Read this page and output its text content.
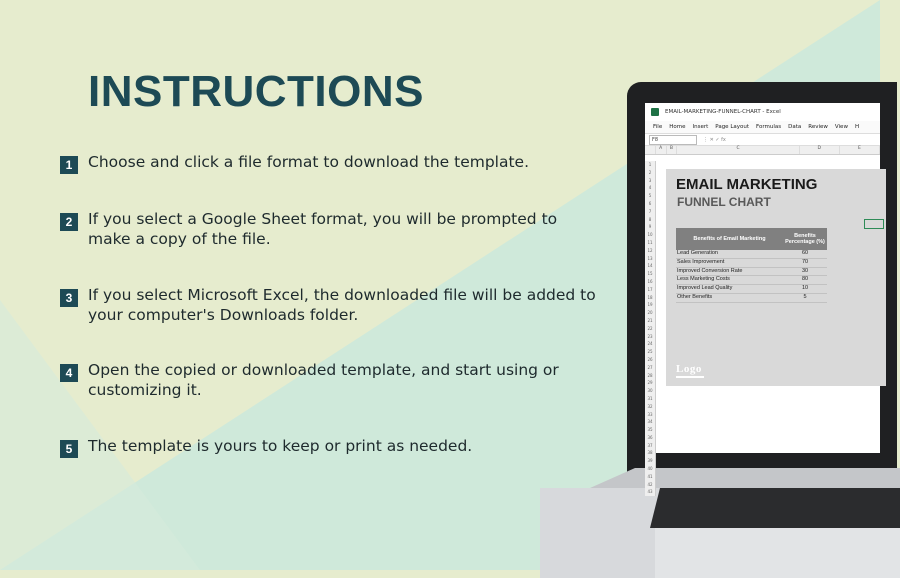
INSTRUCTIONS
1	Choose and click a file format to download the template.
2	If you select a Google Sheet format, you will be prompted to make a copy of the file.
3	If you select Microsoft Excel, the downloaded file will be added to your computer's Downloads folder.
4	Open the copied or downloaded template, and start using or customizing it.
5	The template is yours to keep or print as needed.
EMAIL-MARKETING-FUNNEL-CHART - Excel
File Home Insert Page Layout Formulas Data Review View H
F8	⋮ ✕ ✓ fx
A	B	C	D	E
1
2
3
4
5
6
7
8
9
10
11
12
13
14
15
16
17
18
19
20
21
22
23
24
25
26
27
28
29
30
31
32
33
34
35
36
37
38
39
40
41
42
43
EMAIL MARKETING
FUNNEL CHART
Benefits of Email Marketing	Benefits Percentage (%)
Lead Generation	60
Sales Improvement	70
Improved Conversion Rate	30
Less Marketing Costs	80
Improved Lead Quality	10
Other Benefits	5
Logo
